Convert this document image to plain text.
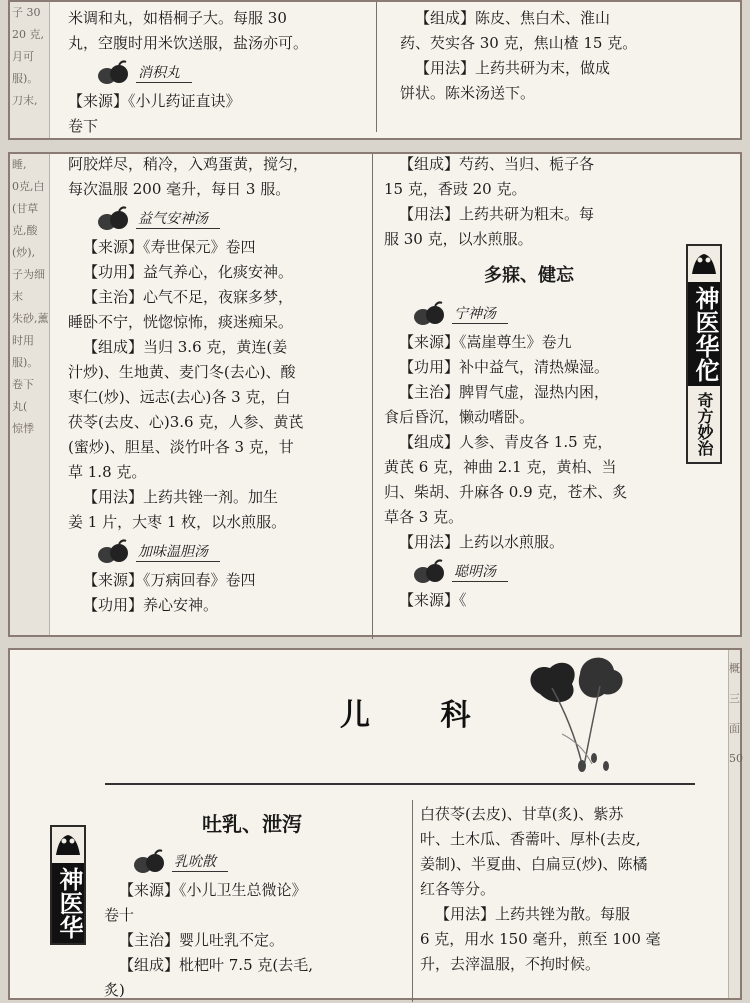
子 30
20 克,
月可
服)。
刀末,

米调和丸，如梧桐子大。每服 30

丸，空腹时用米饮送服，盐汤亦可。

消积丸

【来源】《小儿药证直诀》

卷下

【组成】陈皮、焦白术、淮山

药、芡实各 30 克，焦山楂 15 克。

【用法】上药共研为末，做成

饼状。陈米汤送下。

睡,
0克,白
(甘草
克,酸
(炒),
子为细末
朱砂,薰
时用
服)。
卷下
丸(
惊悸

阿胶烊尽，稍冷，入鸡蛋黄，搅匀，

每次温服 200 毫升，每日 3 服。

益气安神汤

【来源】《寿世保元》卷四

【功用】益气养心，化痰安神。

【主治】心气不足，夜寐多梦，

睡卧不宁，恍惚惊怖，痰迷痴呆。

【组成】当归 3.6 克，黄连(姜

汁炒)、生地黄、麦门冬(去心)、酸

枣仁(炒)、远志(去心)各 3 克，白

茯苓(去皮、心)3.6 克，人参、黄芪

(蜜炒)、胆星、淡竹叶各 3 克，甘

草 1.8 克。

【用法】上药共锉一剂。加生

姜 1 片，大枣 1 枚，以水煎服。

加味温胆汤

【来源】《万病回春》卷四

【功用】养心安神。

【组成】芍药、当归、栀子各

15 克，香豉 20 克。

【用法】上药共研为粗末。每

服 30 克，以水煎服。

多寐、健忘
宁神汤

【来源】《嵩崖尊生》卷九

【功用】补中益气，清热燥湿。

【主治】脾胃气虚，湿热内困，

食后昏沉，懒动嗜卧。

【组成】人参、青皮各 1.5 克，

黄芪 6 克，神曲 2.1 克，黄柏、当

归、柴胡、升麻各 0.9 克，苍术、炙

草各 3 克。

【用法】上药以水煎服。

聪明汤

【来源】《

神医华佗
奇方妙治
概
三
面
50
儿 科
神医华
吐乳、泄泻
乳吮散

【来源】《小儿卫生总微论》

卷十

【主治】婴儿吐乳不定。

【组成】枇杷叶 7.5 克(去毛,

炙)

白茯苓(去皮)、甘草(炙)、紫苏

叶、土木瓜、香薷叶、厚朴(去皮,

姜制)、半夏曲、白扁豆(炒)、陈橘

红各等分。

【用法】上药共锉为散。每服

6 克，用水 150 毫升，煎至 100 毫

升，去滓温服，不拘时候。
